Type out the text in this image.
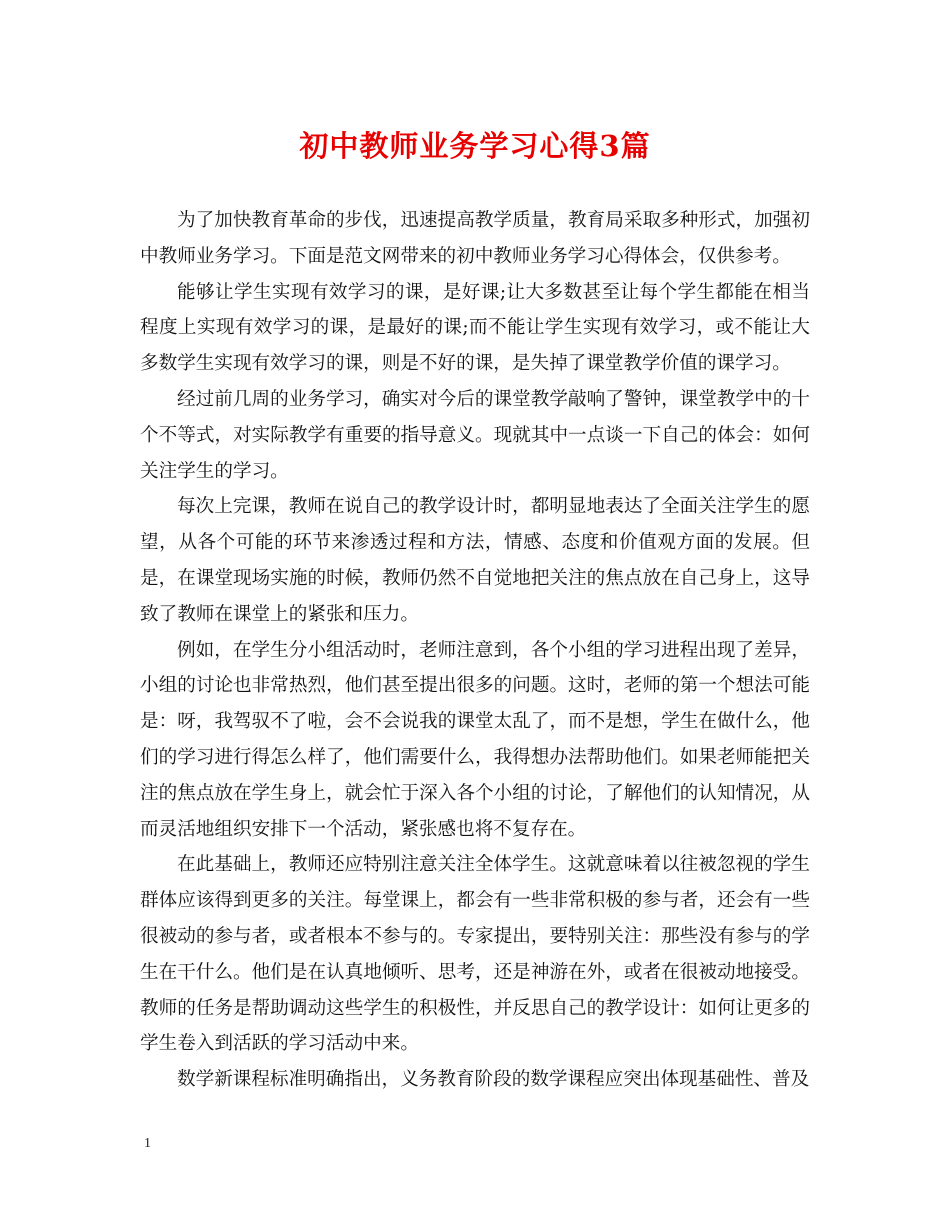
初中教师业务学习心得3篇

为了加快教育革命的步伐，迅速提高教学质量，教育局采取多种形式，加强初中教师业务学习。下面是范文网带来的初中教师业务学习心得体会，仅供参考。

能够让学生实现有效学习的课，是好课;让大多数甚至让每个学生都能在相当程度上实现有效学习的课，是最好的课;而不能让学生实现有效学习，或不能让大多数学生实现有效学习的课，则是不好的课，是失掉了课堂教学价值的课学习。

经过前几周的业务学习，确实对今后的课堂教学敲响了警钟，课堂教学中的十个不等式，对实际教学有重要的指导意义。现就其中一点谈一下自己的体会：如何关注学生的学习。

每次上完课，教师在说自己的教学设计时，都明显地表达了全面关注学生的愿望，从各个可能的环节来渗透过程和方法，情感、态度和价值观方面的发展。但是，在课堂现场实施的时候，教师仍然不自觉地把关注的焦点放在自己身上，这导致了教师在课堂上的紧张和压力。

例如，在学生分小组活动时，老师注意到，各个小组的学习进程出现了差异，小组的讨论也非常热烈，他们甚至提出很多的问题。这时，老师的第一个想法可能是：呀，我驾驭不了啦，会不会说我的课堂太乱了，而不是想，学生在做什么，他们的学习进行得怎么样了，他们需要什么，我得想办法帮助他们。如果老师能把关注的焦点放在学生身上，就会忙于深入各个小组的讨论，了解他们的认知情况，从而灵活地组织安排下一个活动，紧张感也将不复存在。

在此基础上，教师还应特别注意关注全体学生。这就意味着以往被忽视的学生群体应该得到更多的关注。每堂课上，都会有一些非常积极的参与者，还会有一些很被动的参与者，或者根本不参与的。专家提出，要特别关注：那些没有参与的学生在干什么。他们是在认真地倾听、思考，还是神游在外，或者在很被动地接受。教师的任务是帮助调动这些学生的积极性，并反思自己的教学设计：如何让更多的学生卷入到活跃的学习活动中来。

数学新课程标准明确指出，义务教育阶段的数学课程应突出体现基础性、普及

1
